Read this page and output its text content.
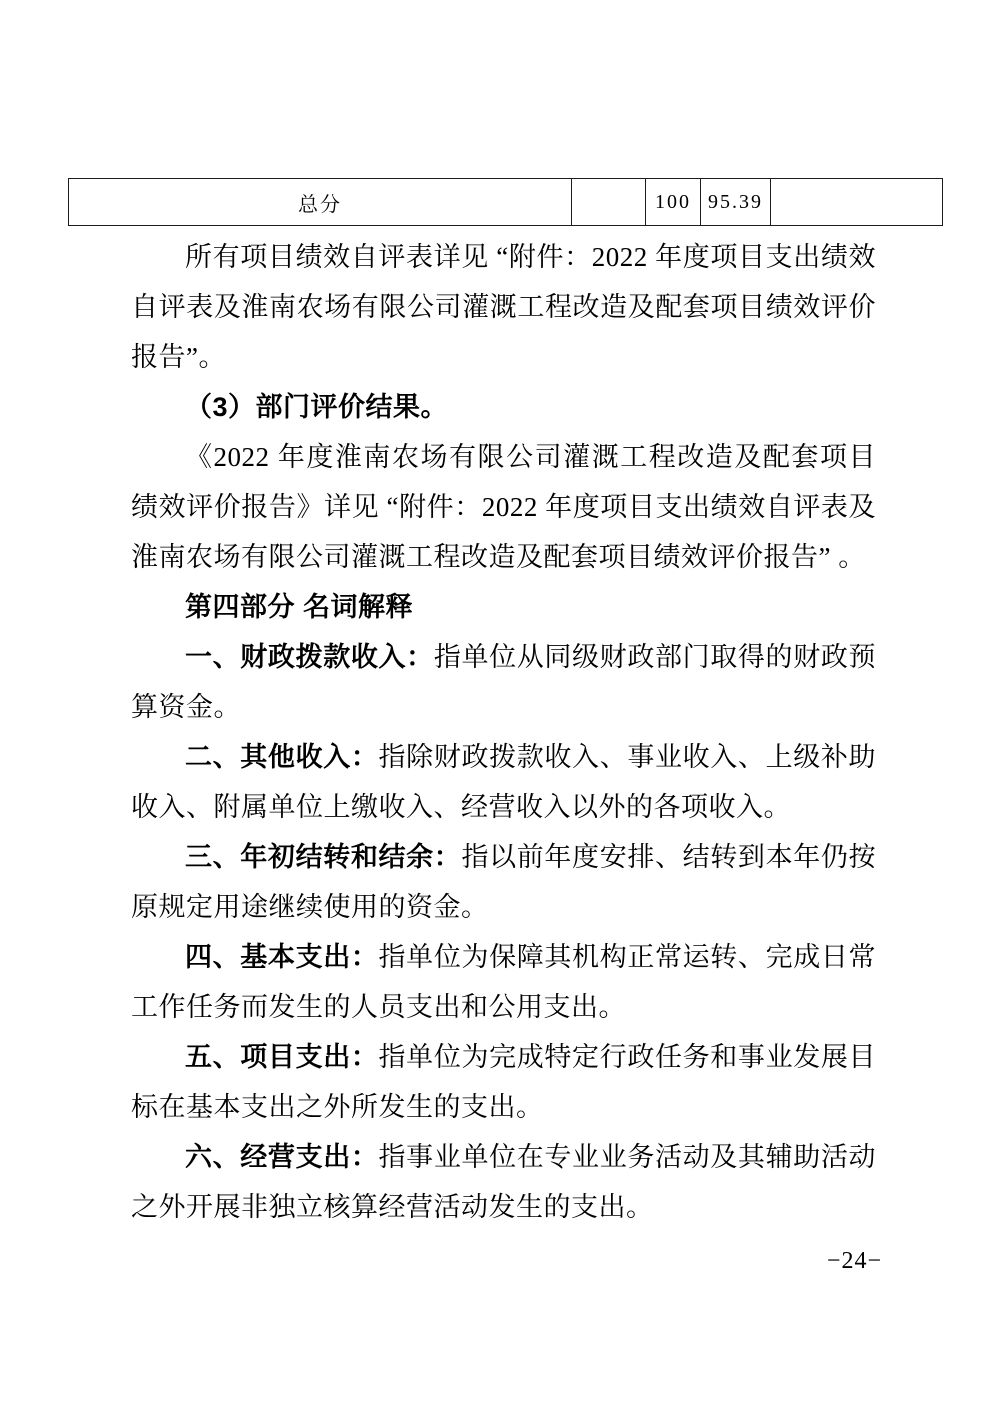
总分		100	95.39	

所有项目绩效自评表详见 “附件：2022 年度项目支出绩效自评表及淮南农场有限公司灌溉工程改造及配套项目绩效评价报告”。

（3）部门评价结果。

《2022 年度淮南农场有限公司灌溉工程改造及配套项目绩效评价报告》详见 “附件：2022 年度项目支出绩效自评表及淮南农场有限公司灌溉工程改造及配套项目绩效评价报告” 。

第四部分 名词解释

一、财政拨款收入：指单位从同级财政部门取得的财政预算资金。

二、其他收入：指除财政拨款收入、事业收入、上级补助收入、附属单位上缴收入、经营收入以外的各项收入。

三、年初结转和结余：指以前年度安排、结转到本年仍按原规定用途继续使用的资金。

四、基本支出：指单位为保障其机构正常运转、完成日常工作任务而发生的人员支出和公用支出。

五、项目支出：指单位为完成特定行政任务和事业发展目标在基本支出之外所发生的支出。

六、经营支出：指事业单位在专业业务活动及其辅助活动之外开展非独立核算经营活动发生的支出。

−24−
